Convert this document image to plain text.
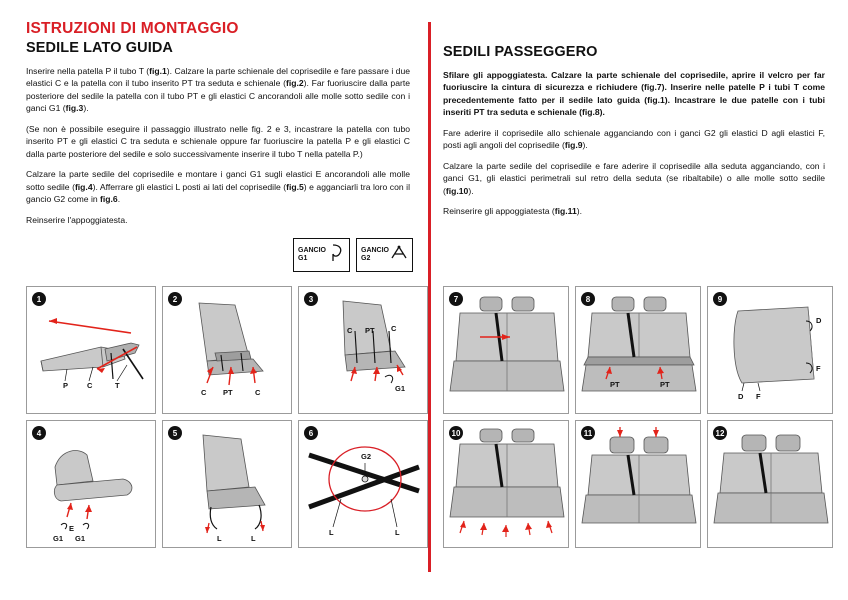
ISTRUZIONI DI MONTAGGIO
SEDILE LATO GUIDA

Inserire nella patella P il tubo T (fig.1). Calzare la parte schienale del coprisedile e fare passare i due elastici C e la patella con il tubo inserito PT tra seduta e schienale (fig.2). Far fuoriuscire dalla parte posteriore del sedile la patella con il tubo PT e gli elastici C ancorandoli alle molle sotto sedile con i ganci G1 (fig.3).

(Se non è possibile eseguire il passaggio illustrato nelle fig. 2 e 3, incastrare la patella con tubo inserito PT e gli elastici C tra seduta e schienale oppure far fuoriuscire la patella P e gli elastici C dalla parte posteriore del sedile e solo successivamente inserire il tubo T nella patella P.)

Calzare la parte sedile del coprisedile e montare i ganci G1 sugli elastici E ancorandoli alle molle sotto sedile (fig.4). Afferrare gli elastici L posti ai lati del coprisedile (fig.5) e agganciarli tra loro con il gancio G2 come in fig.6.

Reinserire l'appoggiatesta.

GANCIO
G1
GANCIO
G2
SEDILI PASSEGGERO

Sfilare gli appoggiatesta. Calzare la parte schienale del coprisedile, aprire il velcro per far fuoriuscire la cintura di sicurezza e richiudere (fig.7). Inserire nelle patelle P i tubi T come precedentemente fatto per il sedile lato guida (fig.1). Incastrare le due patelle con i tubi inseriti PT tra seduta e schienale (fig.8).

Fare aderire il coprisedile allo schienale agganciando con i ganci G2 gli elastici D agli elastici F, posti agli angoli del coprisedile (fig.9).

Calzare la parte sedile del coprisedile e fare aderire il coprisedile alla seduta agganciando, con i ganci G1, gli elastici perimetrali sul retro della seduta (se ribaltabile) o alle molle sotto sedile (fig.10).

Reinserire gli appoggiatesta (fig.11).

1
P	C	T
2
C PT	C
3
C PT C
G1
4
E
G1 G1
5
L	L
6
G2
L	L
7	8
PT	PT
9
D
D
F
F
10	11	12
